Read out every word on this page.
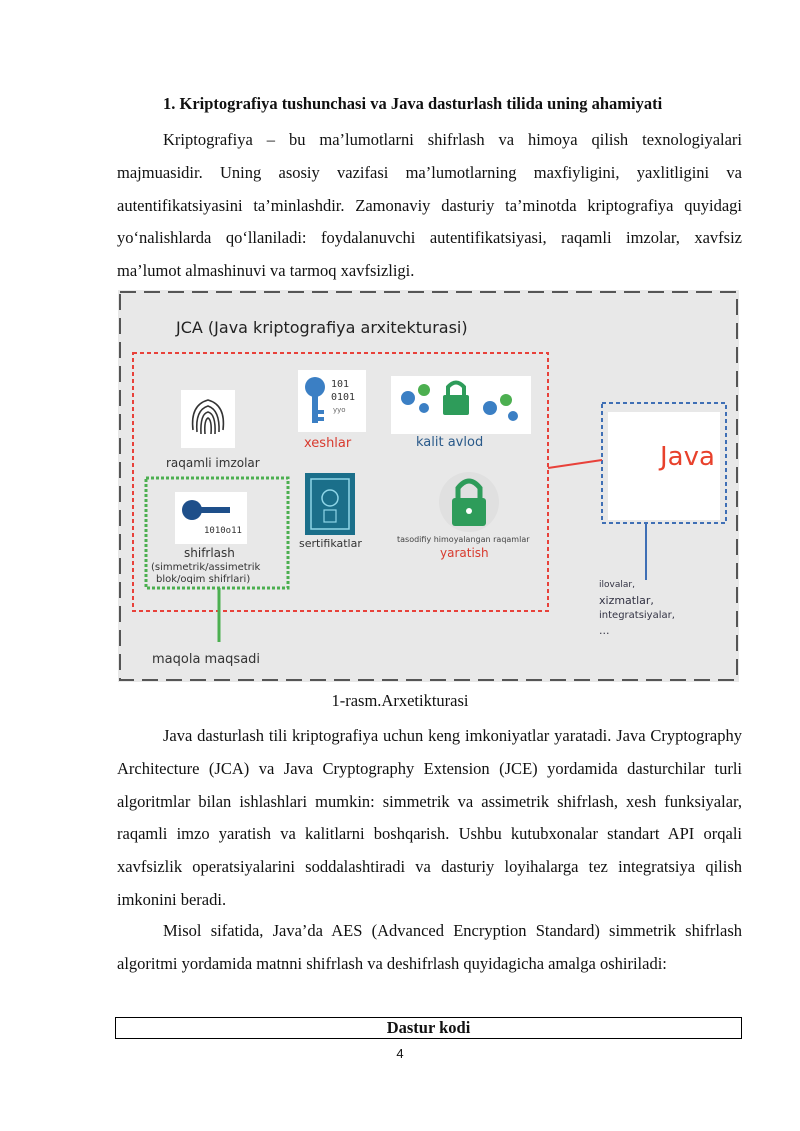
1. Kriptografiya tushunchasi va Java dasturlash tilida uning ahamiyati

Kriptografiya – bu ma’lumotlarni shifrlash va himoya qilish texnologiyalari majmuasidir. Uning asosiy vazifasi ma’lumotlarning maxfiyligini, yaxlitligini va autentifikatsiyasini ta’minlashdir. Zamonaviy dasturiy ta’minotda kriptografiya quyidagi yo‘nalishlarda qo‘llaniladi: foydalanuvchi autentifikatsiyasi, raqamli imzolar, xavfsiz ma’lumot almashinuvi va tarmoq xavfsizligi.

101
0101
yyo
1010o11
JCA (Java kriptografiya arxitekturasi)
raqamli imzolar
xeshlar	kalit avlod
shifrlash
(simmetrik/assimetrik
blok/oqim shifrlari)
sertifikatlar	tasodifiy himoyalangan raqamlar
yaratish
Java
ilovalar,
xizmatlar,
integratsiyalar,
...
maqola maqsadi
1-rasm.Arxetikturasi

Java dasturlash tili kriptografiya uchun keng imkoniyatlar yaratadi. Java Cryptography Architecture (JCA) va Java Cryptography Extension (JCE) yordamida dasturchilar turli algoritmlar bilan ishlashlari mumkin: simmetrik va assimetrik shifrlash, xesh funksiyalar, raqamli imzo yaratish va kalitlarni boshqarish. Ushbu kutubxonalar standart API orqali xavfsizlik operatsiyalarini soddalashtiradi va dasturiy loyihalarga tez integratsiya qilish imkonini beradi.

Misol sifatida, Java’da AES (Advanced Encryption Standard) simmetrik shifrlash algoritmi yordamida matnni shifrlash va deshifrlash quyidagicha amalga oshiriladi:

Dastur kodi
4
